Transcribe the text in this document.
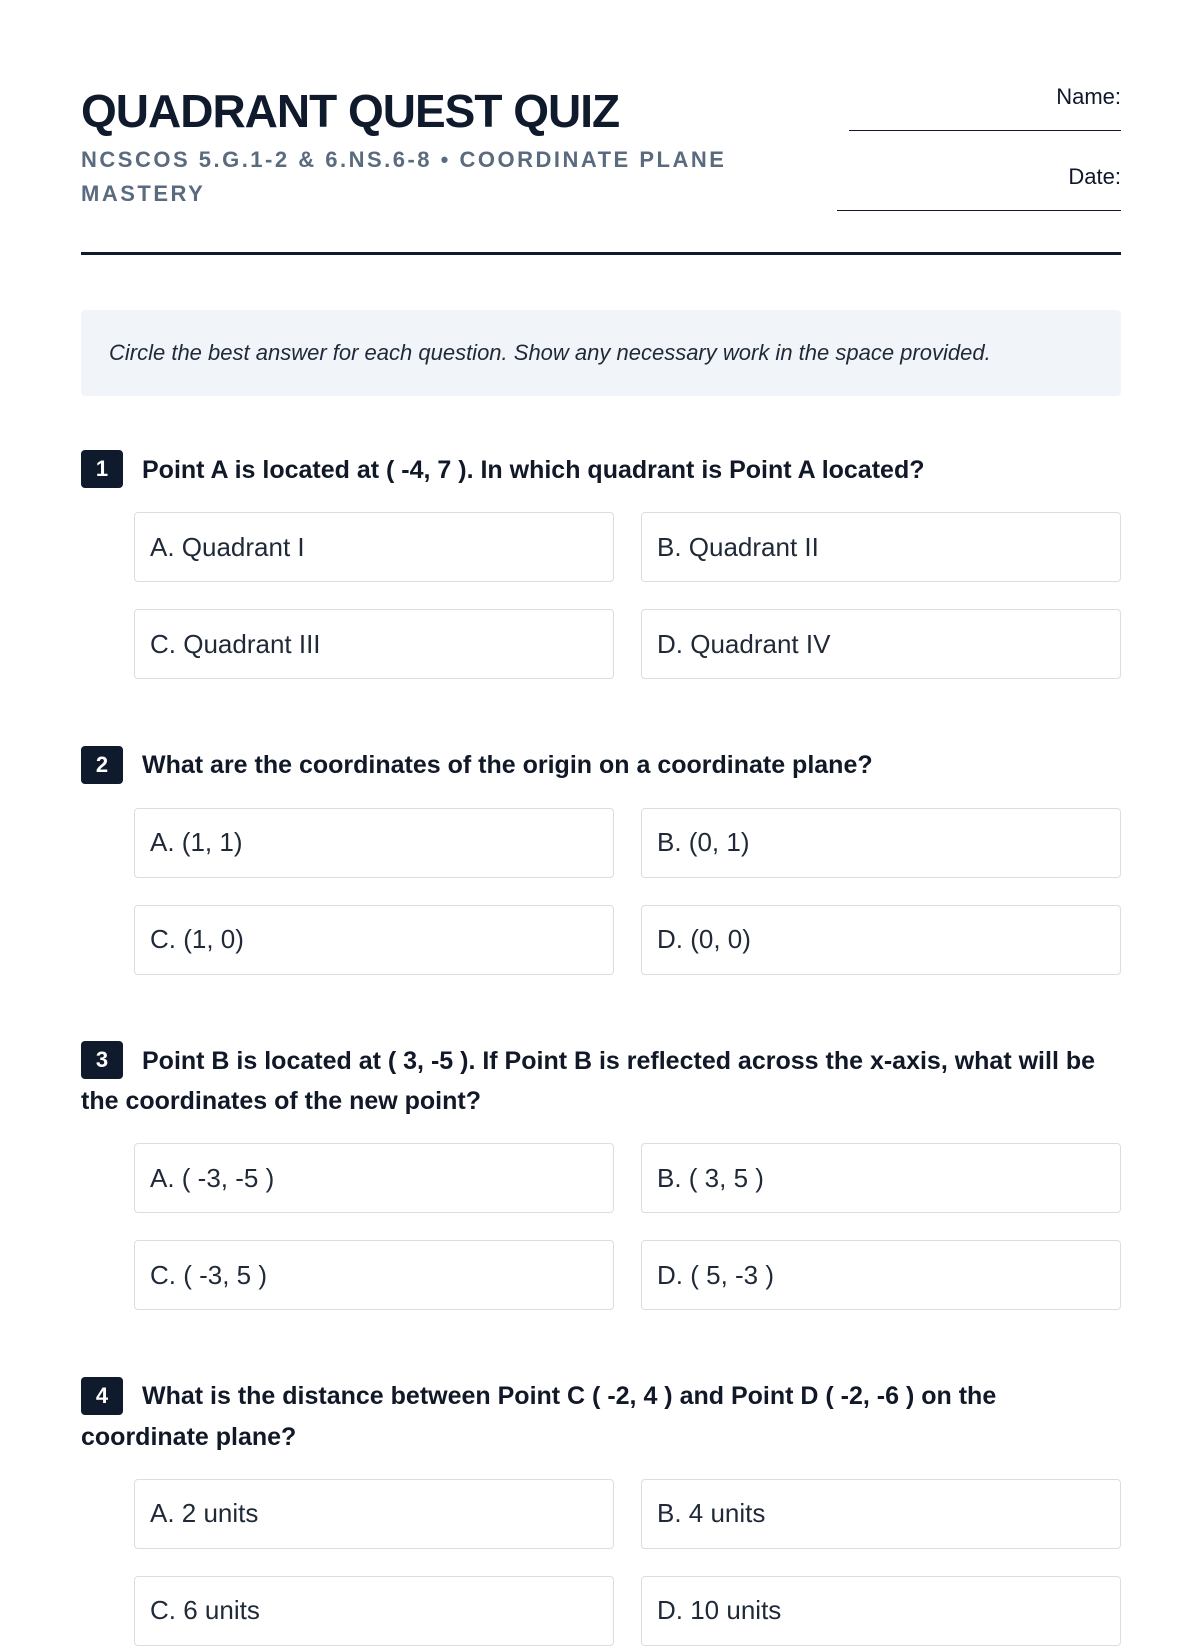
QUADRANT QUEST QUIZ
NCSCOS 5.G.1-2 & 6.NS.6-8 • COORDINATE PLANE MASTERY
Name:
Date:
Circle the best answer for each question. Show any necessary work in the space provided.

1 Point A is located at ( -4, 7 ). In which quadrant is Point A located?

A. Quadrant I	B. Quadrant II
C. Quadrant III	D. Quadrant IV

2 What are the coordinates of the origin on a coordinate plane?

A. (1, 1)	B. (0, 1)
C. (1, 0)	D. (0, 0)

3 Point B is located at ( 3, -5 ). If Point B is reflected across the x-axis, what will be the coordinates of the new point?

A. ( -3, -5 )	B. ( 3, 5 )
C. ( -3, 5 )	D. ( 5, -3 )

4 What is the distance between Point C ( -2, 4 ) and Point D ( -2, -6 ) on the coordinate plane?

A. 2 units	B. 4 units
C. 6 units	D. 10 units
